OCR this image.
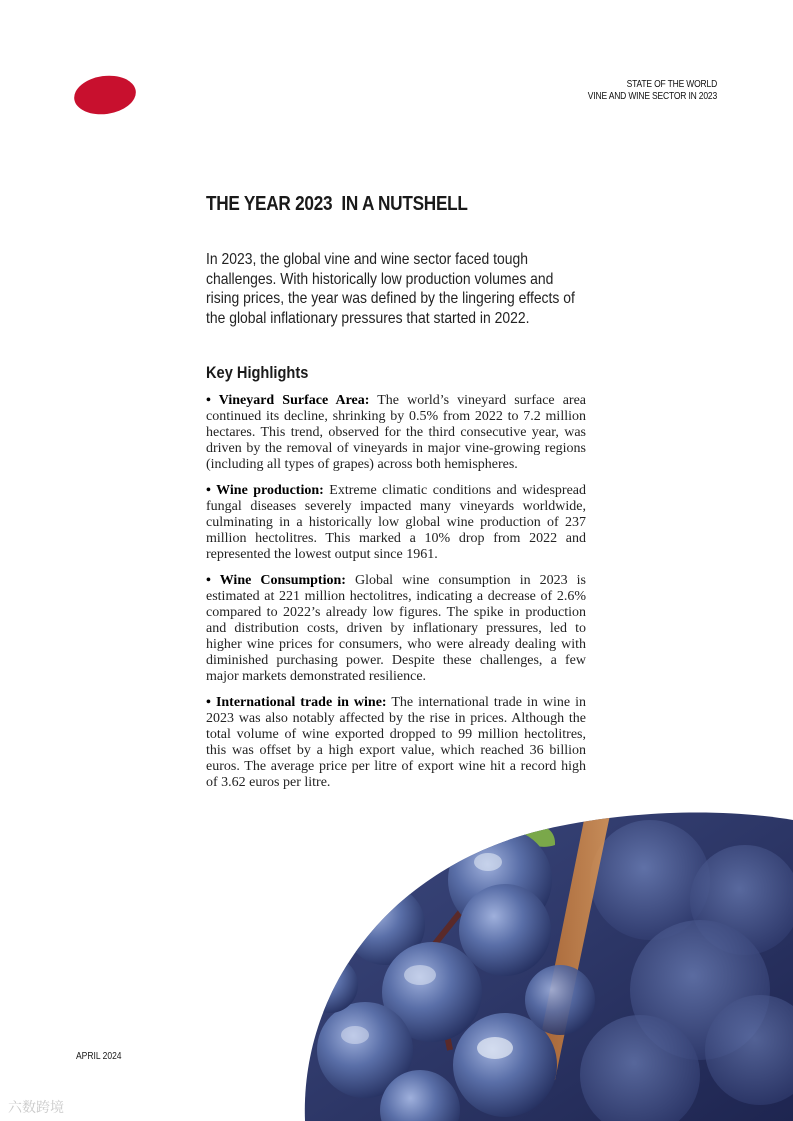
STATE OF THE WORLD
VINE AND WINE SECTOR IN 2023
THE YEAR 2023  IN A NUTSHELL
In 2023, the global vine and wine sector faced tough challenges. With historically low production volumes and rising prices, the year was defined by the lingering effects of the global inflationary pressures that started in 2022.
Key Highlights

• Vineyard Surface Area: The world’s vineyard surface area continued its decline, shrinking by 0.5% from 2022 to 7.2 million hectares. This trend, observed for the third consecutive year, was driven by the removal of vineyards in major vine-growing regions (including all types of grapes) across both hemispheres.

• Wine production: Extreme climatic conditions and widespread fungal diseases severely impacted many vineyards worldwide, culminating in a historically low global wine production of 237 million hectolitres. This marked a 10% drop from 2022 and represented the lowest output since 1961.

• Wine Consumption: Global wine consumption in 2023 is estimated at 221 million hectolitres, indicating a decrease of 2.6% compared to 2022’s already low figures. The spike in production and distribution costs, driven by inflationary pressures, led to higher wine prices for consumers, who were already dealing with diminished purchasing power. Despite these challenges, a few major markets demonstrated resilience.

• International trade in wine: The international trade in wine in 2023 was also notably affected by the rise in prices. Although the total volume of wine exported dropped to 99 million hectolitres, this was offset by a high export value, which reached 36 billion euros. The average price per litre of export wine hit a record high of 3.62 euros per litre.

APRIL 2024
六数跨境
